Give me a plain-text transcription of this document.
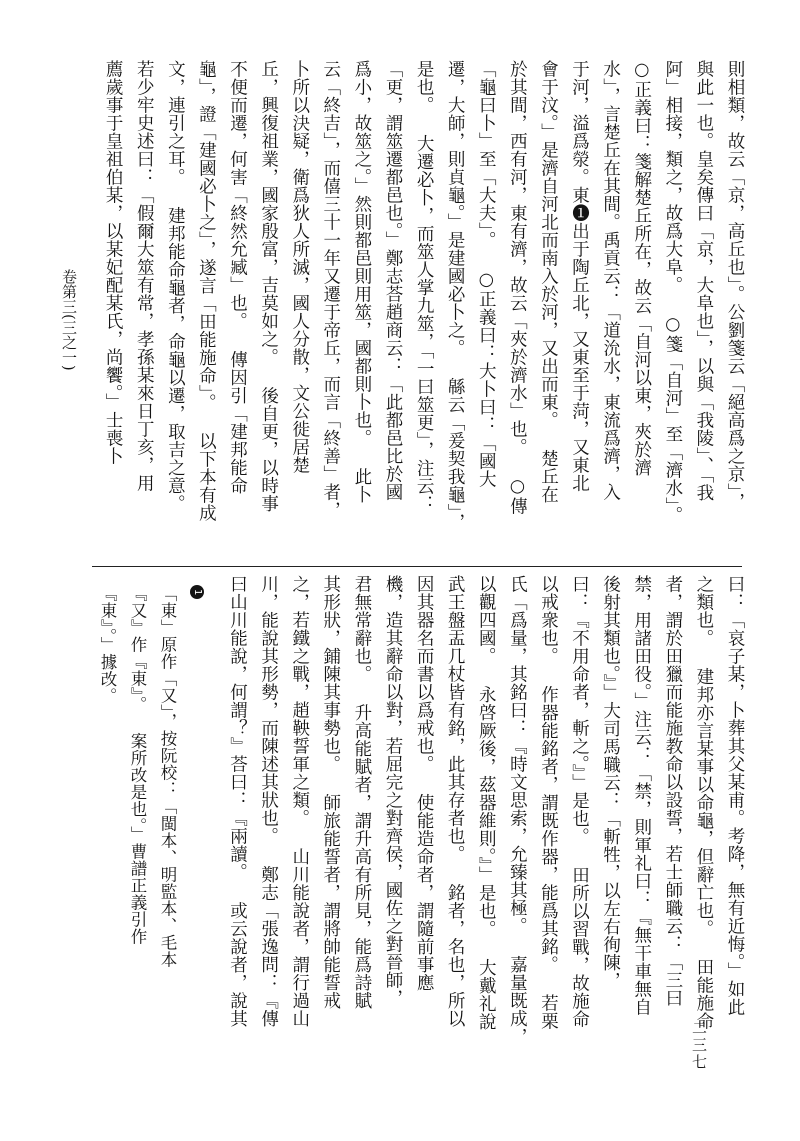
卷第三(三之一)	則相類，故云「京，高丘也」。公劉箋云「絕高爲之京」，
與此一也。皇矣傳曰「京，大阜也」，以與「我陵」、「我
阿」相接，類之，故爲大阜。 ○箋「自河」至「濟水」。
○正義曰：箋解楚丘所在，故云「自河以東，夾於濟
水」，言楚丘在其間。禹貢云：「道沇水，東流爲濟，入
于河，溢爲滎。東❶出于陶丘北，又東至于菏，又東北
會于汶。」是濟自河北而南入於河，又出而東。 楚丘在
於其間，西有河，東有濟，故云「夾於濟水」也。 ○傳
「龜曰卜」至「大夫」。 ○正義曰：大卜曰：「國大
遷，大師，則貞龜。」是建國必卜之。 緜云「爰契我龜」，
是也。 大遷必卜，而筮人掌九筮，「一曰筮更」，注云：
「更，謂筮遷都邑也。」鄭志荅趙商云：「此都邑比於國
爲小，故筮之。」然則都邑則用筮，國都則卜也。 此卜
云「終吉」，而僖三十一年又遷于帝丘，而言「終善」者，
卜所以決疑，衛爲狄人所滅，國人分散，文公徙居楚
丘，興復祖業，國家殷富，吉莫如之。 後自更，以時事
不便而遷，何害「終然允臧」也。 傳因引「建邦能命
龜」，證「建國必卜之」，遂言「田能施命」。 以下本有成
文，連引之耳。 建邦能命龜者，命龜以遷，取吉之意。
若少牢史述曰：「假爾大筮有常，孝孫某來日丁亥，用
薦歲事于皇祖伯某，以某妃配某氏，尚饗。」士喪卜
曰：「哀子某，卜葬其父某甫。考降，無有近悔。」如此
之類也。 建邦亦言某事以命龜，但辭亡也。 田能施命
者，謂於田獵而能施教命以設誓，若士師職云：「三曰
禁，用諸田役。」注云：「禁，則軍礼曰：『無干車無自
後射其類也。』」大司馬職云：「斬牲，以左右徇陳，
曰：『不用命者，斬之。』」是也。 田所以習戰，故施命
以戒衆也。 作器能銘者，謂既作器，能爲其銘。 若栗
氏「爲量，其銘曰：『時文思索，允臻其極。 嘉量既成，
以觀四國。 永啓厥後，茲器維則。』」是也。 大戴礼說
武王盤盂几杖皆有銘，此其存者也。 銘者，名也，所以
因其器名而書以爲戒也。 使能造命者，謂隨前事應
機，造其辭命以對，若屈完之對齊侯，國佐之對晉師，
君無常辭也。 升高能賦者，謂升高有所見，能爲詩賦
其形狀，鋪陳其事勢也。 師旅能誓者，謂將帥能誓戒
之，若鐵之戰，趙鞅誓軍之類。 山川能說者，謂行過山
川，能說其形勢，而陳述其狀也。 鄭志「張逸問：『傳
曰山川能說，何謂？』荅曰：『兩讀。 或云說者，說其
1
「東」原作「又」，按阮校：「閩本、明監本、毛本
『又』作『東』。 案所改是也。」曹譜正義引作
『東』。」據改。
二三七
